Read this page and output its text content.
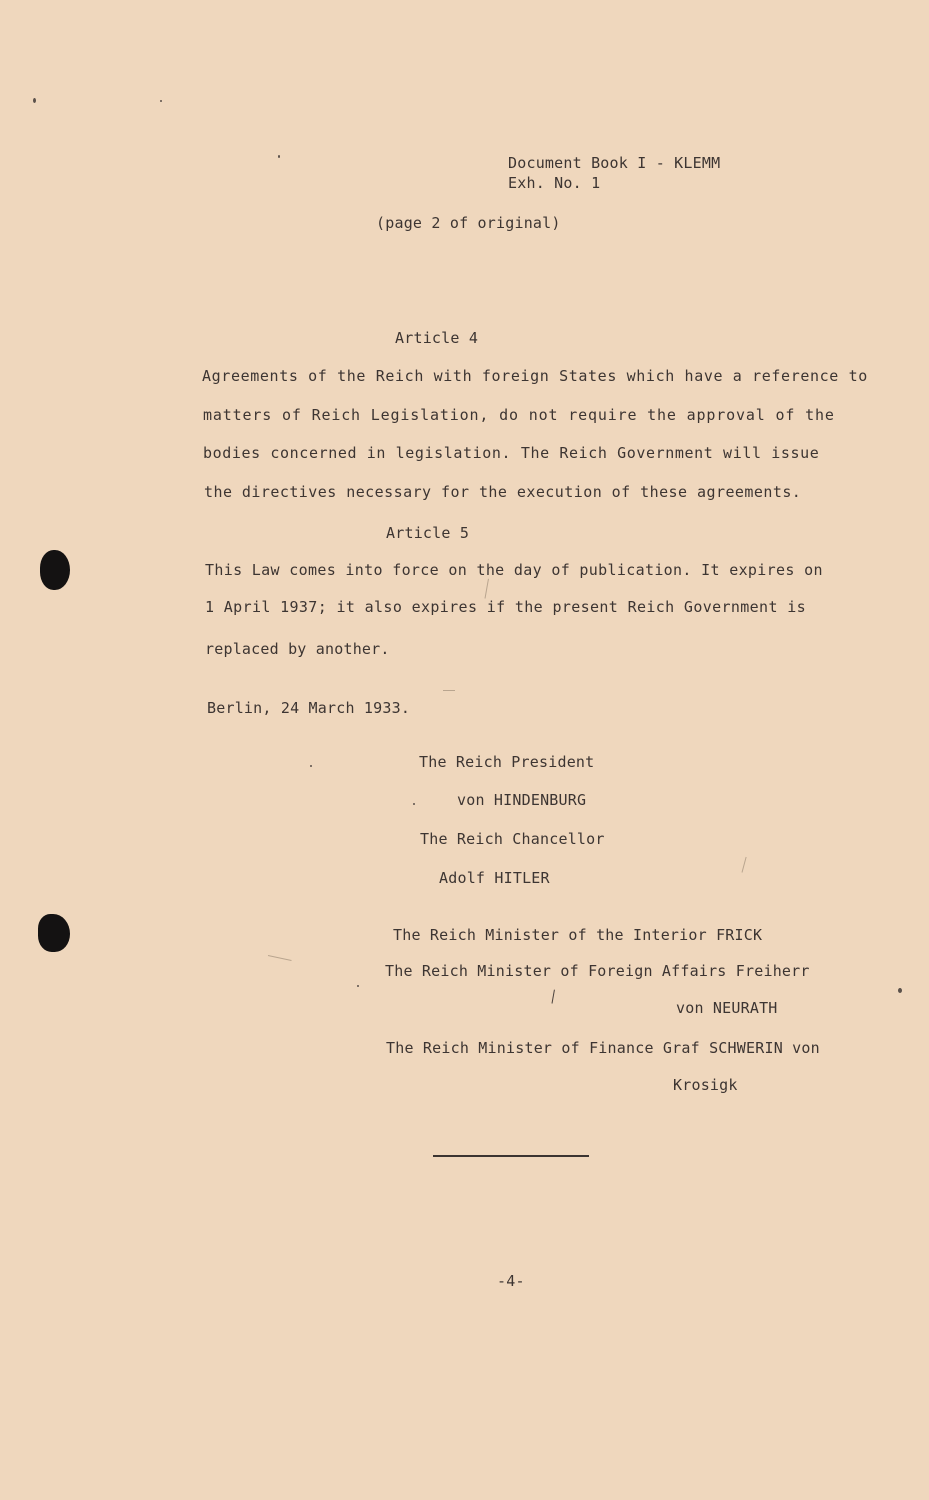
Document Book I - KLEMM
Exh. No. 1
(page 2 of original)
Article 4
Agreements of the Reich with foreign States which have a reference to
matters of Reich Legislation, do not require the approval of the
bodies concerned in legislation. The Reich Government will issue
the directives necessary for the execution of these agreements.
Article 5
This Law comes into force on the day of publication. It expires on
1 April 1937; it also expires if the present Reich Government is
replaced by another.
Berlin, 24 March 1933.
The Reich President
von HINDENBURG
The Reich Chancellor
Adolf HITLER
The Reich Minister of the Interior FRICK
The Reich Minister of Foreign Affairs Freiherr
von NEURATH
The Reich Minister of Finance Graf SCHWERIN von
Krosigk
-4-
